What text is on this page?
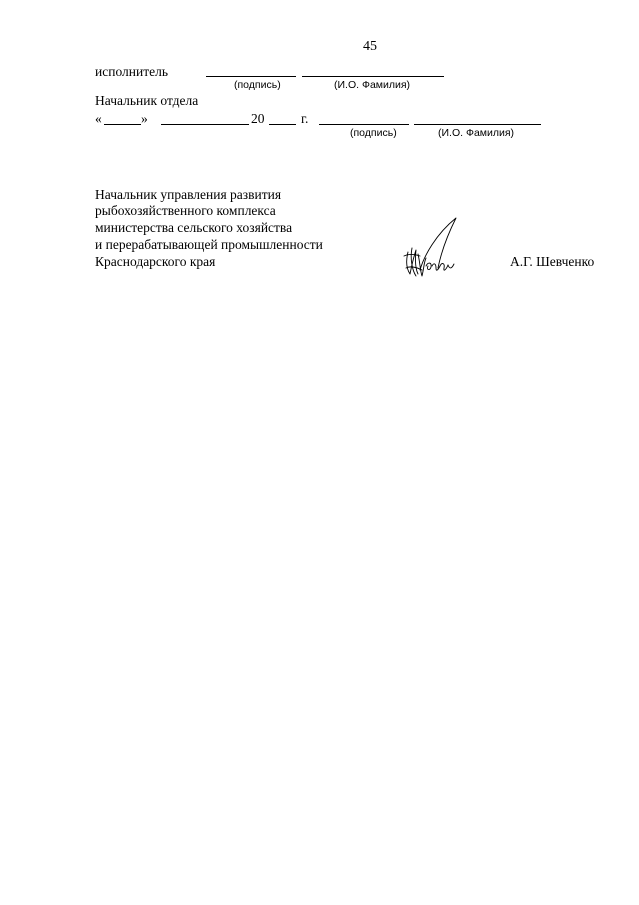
45
исполнитель
(подпись)	(И.О. Фамилия)
Начальник отдела
«	»	20	г.
(подпись)	(И.О. Фамилия)
Начальник управления развития
рыбохозяйственного комплекса
министерства сельского хозяйства
и перерабатывающей промышленности
Краснодарского края	А.Г. Шевченко
